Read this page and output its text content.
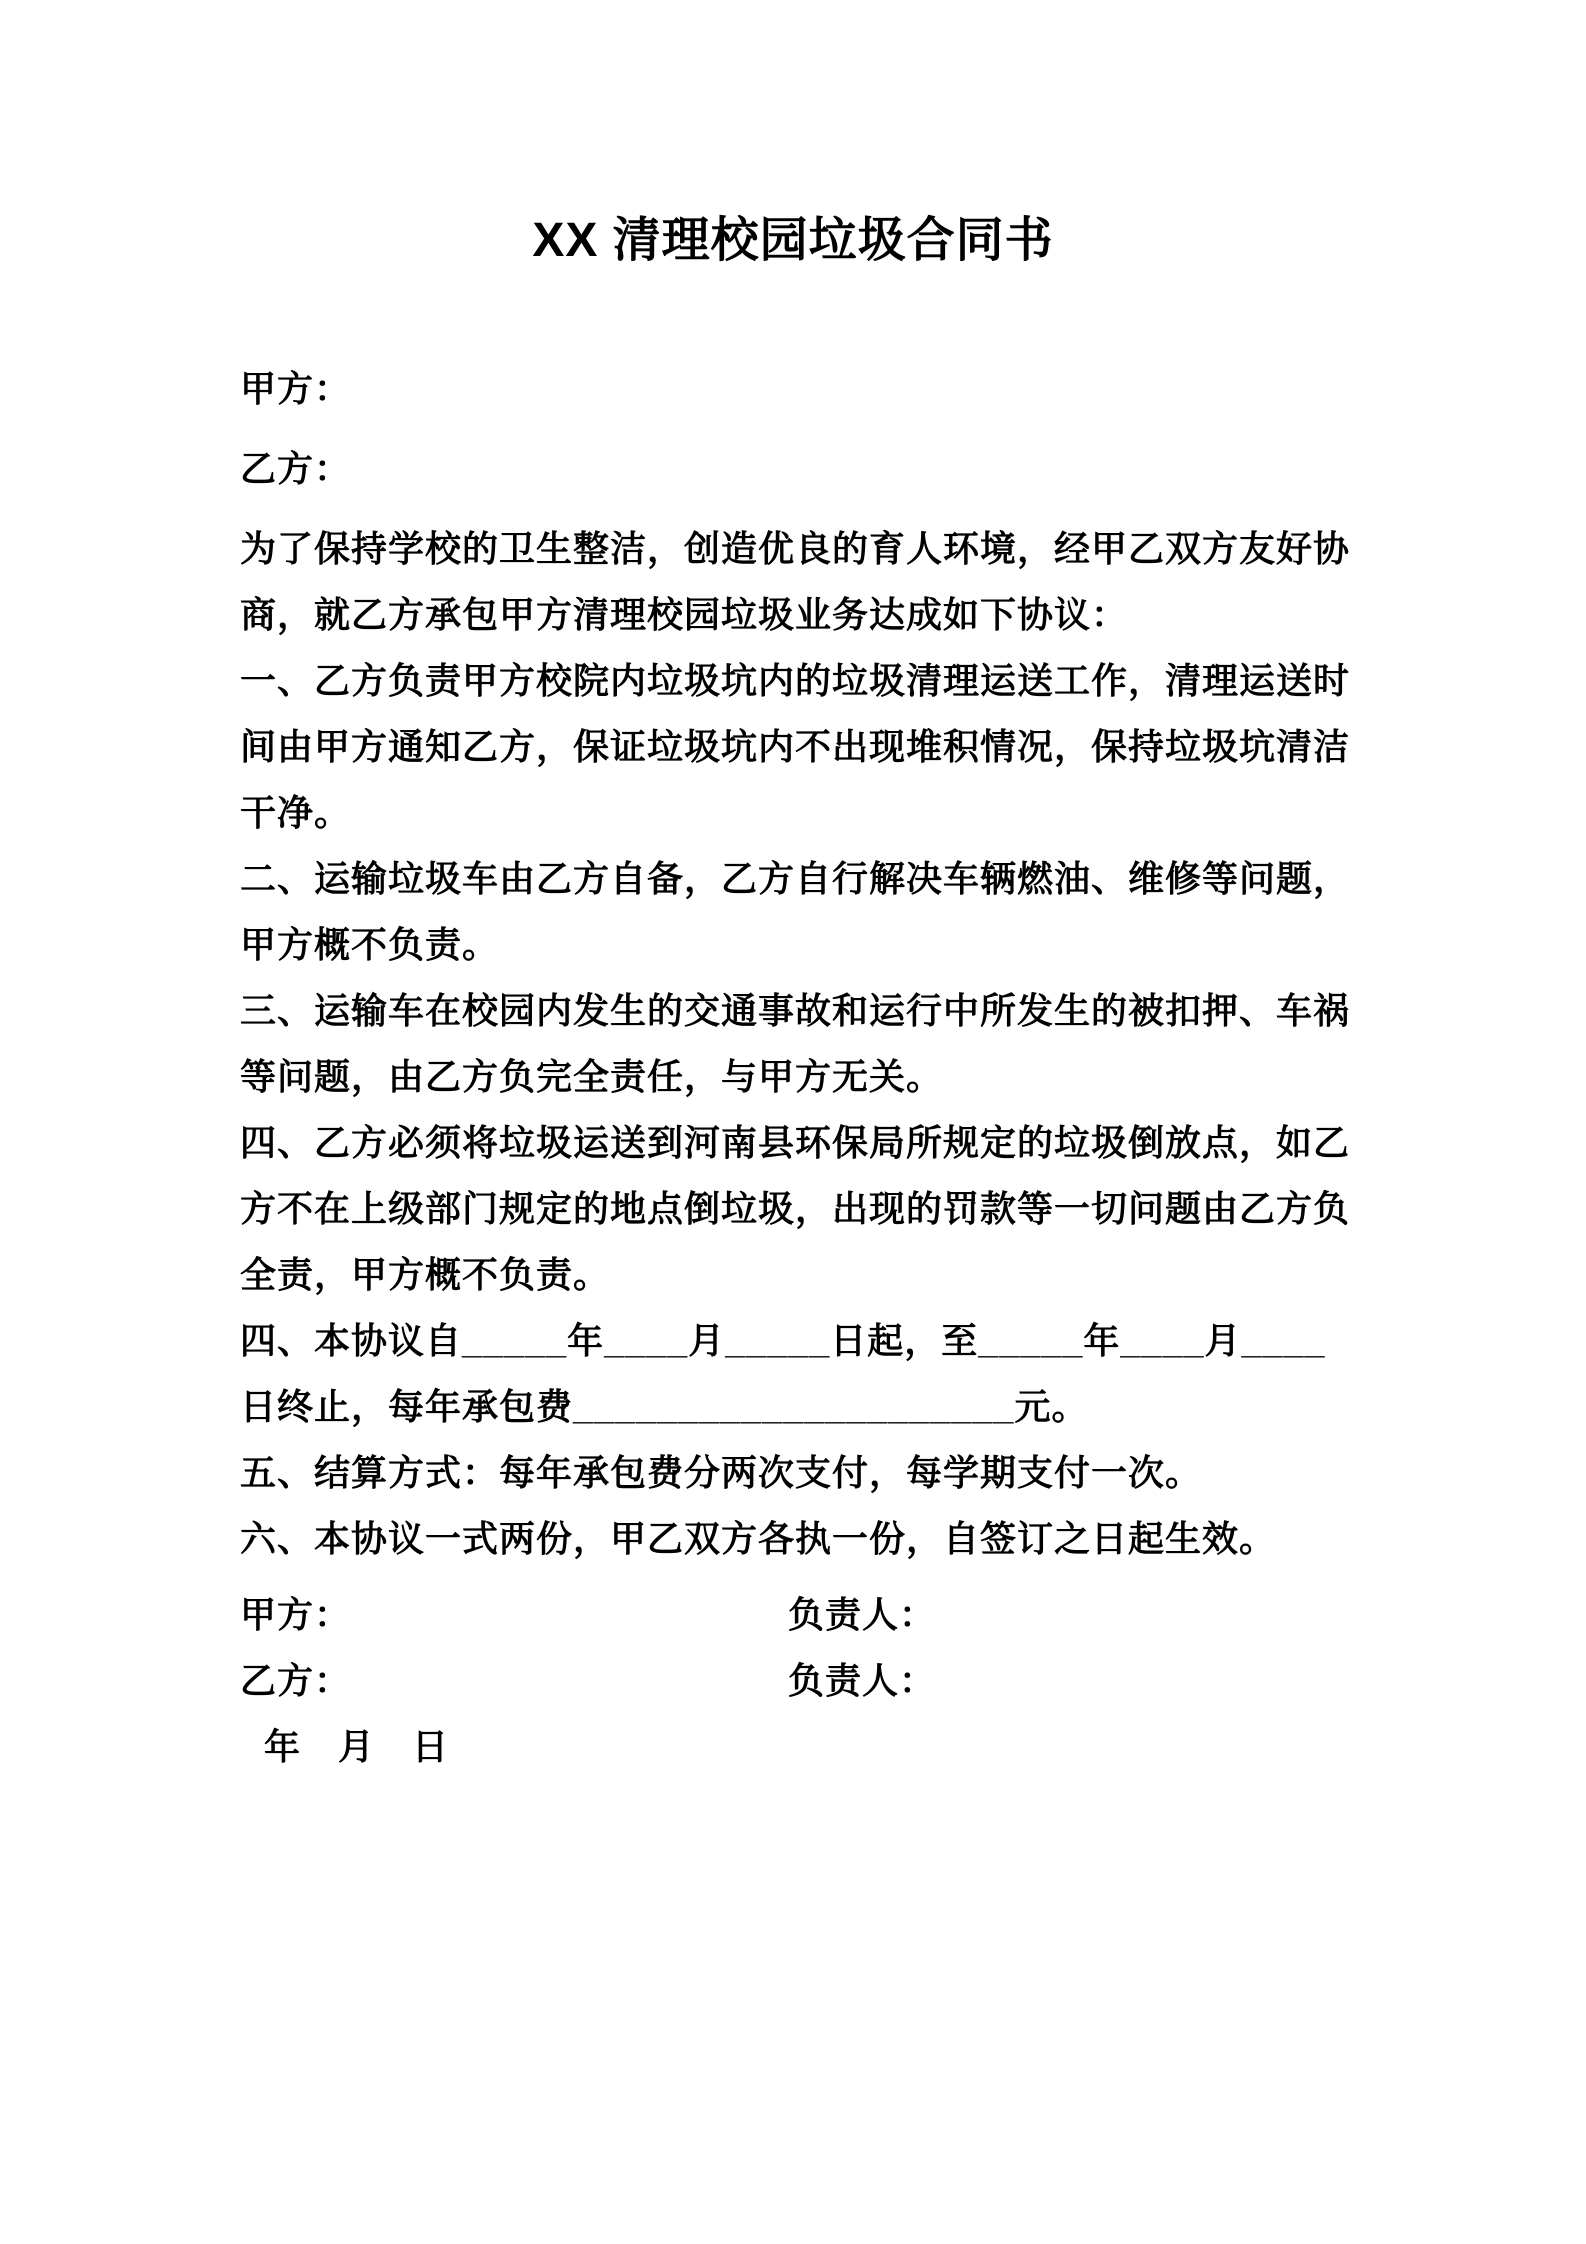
XX 清理校园垃圾合同书

甲方：

乙方：

为了保持学校的卫生整洁，创造优良的育人环境，经甲乙双方友好协
商，就乙方承包甲方清理校园垃圾业务达成如下协议：
一、乙方负责甲方校院内垃圾坑内的垃圾清理运送工作，清理运送时
间由甲方通知乙方，保证垃圾坑内不出现堆积情况，保持垃圾坑清洁
干净。
二、运输垃圾车由乙方自备，乙方自行解决车辆燃油、维修等问题，
甲方概不负责。
三、运输车在校园内发生的交通事故和运行中所发生的被扣押、车祸
等问题，由乙方负完全责任，与甲方无关。
四、乙方必须将垃圾运送到河南县环保局所规定的垃圾倒放点，如乙
方不在上级部门规定的地点倒垃圾，出现的罚款等一切问题由乙方负
全责，甲方概不负责。
四、本协议自_____年____月_____日起，至_____年____月____
日终止，每年承包费_____________________元。
五、结算方式：每年承包费分两次支付，每学期支付一次。
六、本协议一式两份，甲乙双方各执一份，自签订之日起生效。
甲方：	负责人：
乙方：	负责人：
年　月　日
